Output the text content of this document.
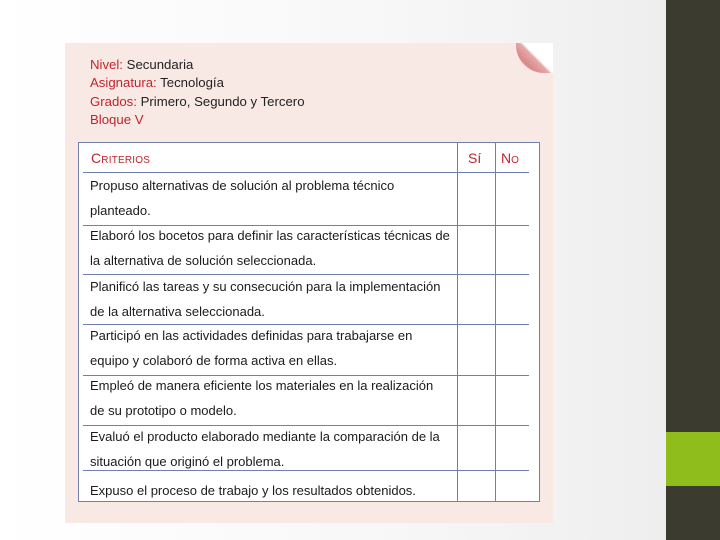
Nivel: Secundaria
Asignatura: Tecnología
Grados: Primero, Segundo y Tercero
Bloque V
Criterios	Sí No
Propuso alternativas de solución al problema técnico planteado.
Elaboró los bocetos para definir las características técnicas de la alternativa de solución seleccionada.
Planificó las tareas y su consecución para la implementación de la alternativa seleccionada.
Participó en las actividades definidas para trabajarse en equipo y colaboró de forma activa en ellas.
Empleó de manera eficiente los materiales en la realización de su prototipo o modelo.
Evaluó el producto elaborado mediante la comparación de la situación que originó el problema.
Expuso el proceso de trabajo y los resultados obtenidos.
